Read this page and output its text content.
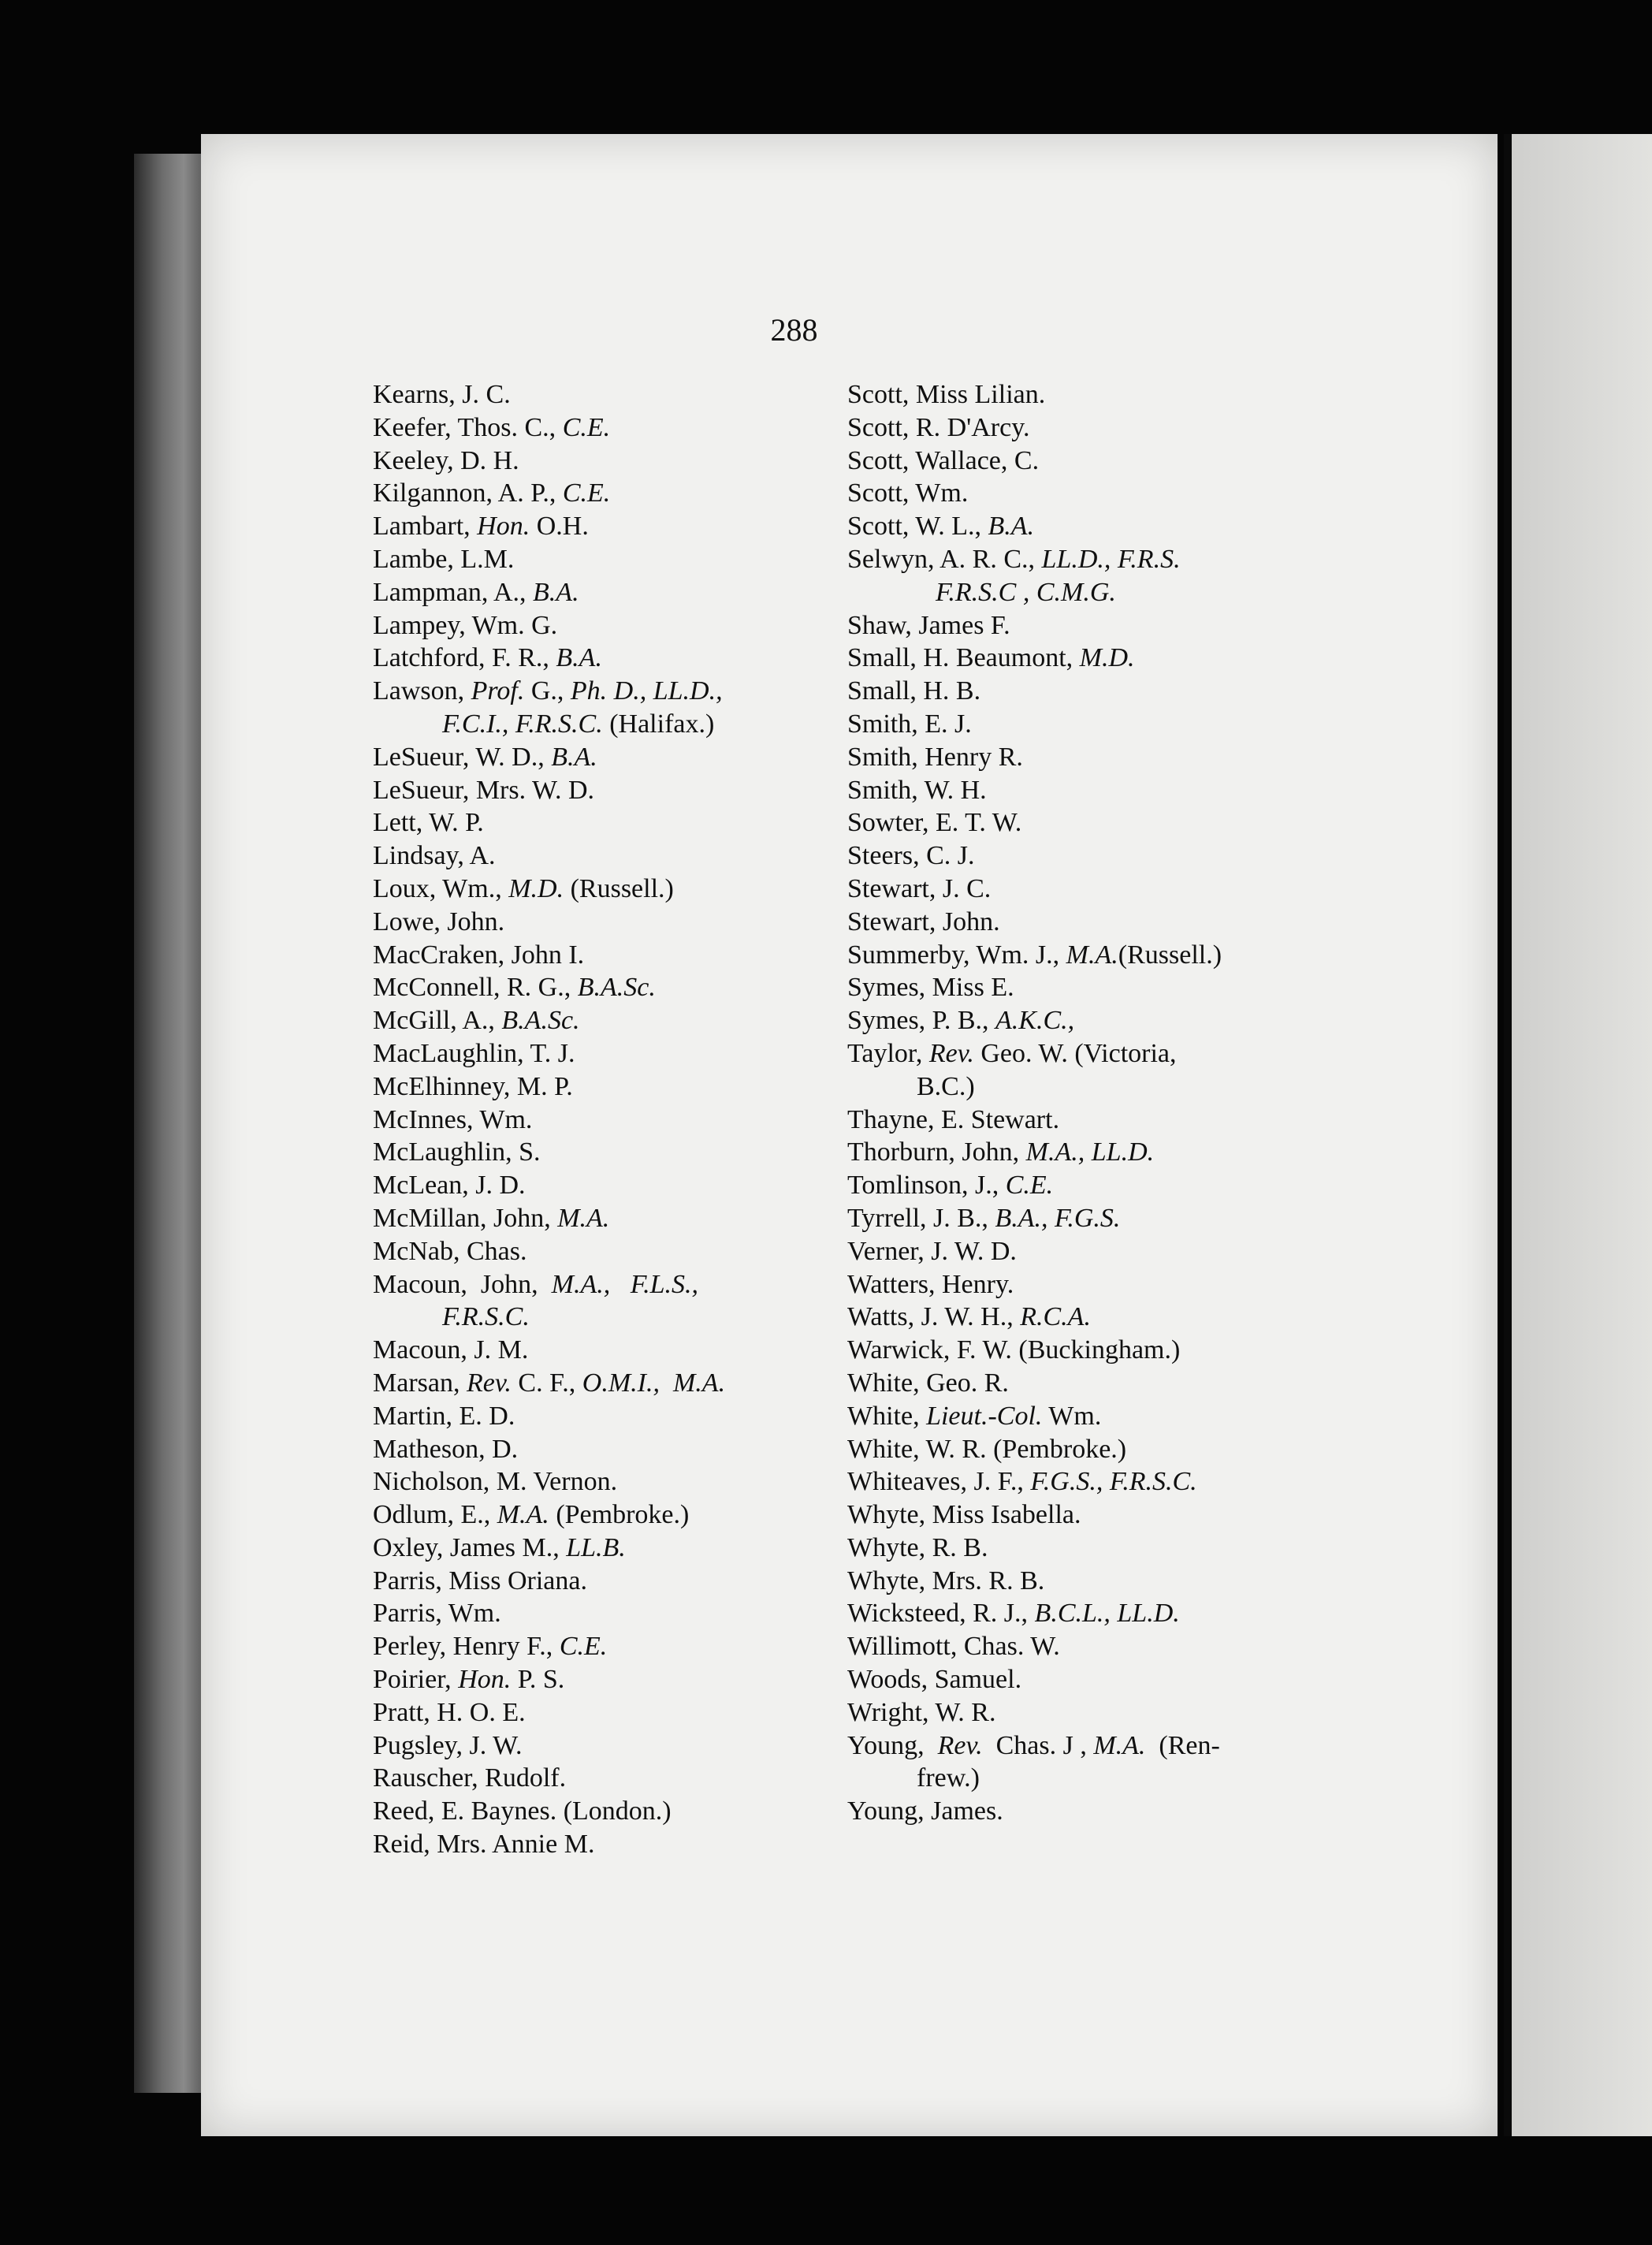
288
Kearns, J. C.
Keefer, Thos. C., C.E.
Keeley, D. H.
Kilgannon, A. P., C.E.
Lambart, Hon. O.H.
Lambe, L.M.
Lampman, A., B.A.
Lampey, Wm. G.
Latchford, F. R., B.A.
Lawson, Prof. G., Ph. D., LL.D.,
F.C.I., F.R.S.C. (Halifax.)
LeSueur, W. D., B.A.
LeSueur, Mrs. W. D.
Lett, W. P.
Lindsay, A.
Loux, Wm., M.D. (Russell.)
Lowe, John.
MacCraken, John I.
McConnell, R. G., B.A.Sc.
McGill, A., B.A.Sc.
MacLaughlin, T. J.
McElhinney, M. P.
McInnes, Wm.
McLaughlin, S.
McLean, J. D.
McMillan, John, M.A.
McNab, Chas.
Macoun,  John,  M.A.,   F.L.S.,
F.R.S.C.
Macoun, J. M.
Marsan, Rev. C. F., O.M.I.,  M.A.
Martin, E. D.
Matheson, D.
Nicholson, M. Vernon.
Odlum, E., M.A. (Pembroke.)
Oxley, James M., LL.B.
Parris, Miss Oriana.
Parris, Wm.
Perley, Henry F., C.E.
Poirier, Hon. P. S.
Pratt, H. O. E.
Pugsley, J. W.
Rauscher, Rudolf.
Reed, E. Baynes. (London.)
Reid, Mrs. Annie M.
Scott, Miss Lilian.
Scott, R. D'Arcy.
Scott, Wallace, C.
Scott, Wm.
Scott, W. L., B.A.
Selwyn, A. R. C., LL.D., F.R.S.
F.R.S.C , C.M.G.
Shaw, James F.
Small, H. Beaumont, M.D.
Small, H. B.
Smith, E. J.
Smith, Henry R.
Smith, W. H.
Sowter, E. T. W.
Steers, C. J.
Stewart, J. C.
Stewart, John.
Summerby, Wm. J., M.A.(Russell.)
Symes, Miss E.
Symes, P. B., A.K.C.,
Taylor, Rev. Geo. W. (Victoria,
B.C.)
Thayne, E. Stewart.
Thorburn, John, M.A., LL.D.
Tomlinson, J., C.E.
Tyrrell, J. B., B.A., F.G.S.
Verner, J. W. D.
Watters, Henry.
Watts, J. W. H., R.C.A.
Warwick, F. W. (Buckingham.)
White, Geo. R.
White, Lieut.-Col. Wm.
White, W. R. (Pembroke.)
Whiteaves, J. F., F.G.S., F.R.S.C.
Whyte, Miss Isabella.
Whyte, R. B.
Whyte, Mrs. R. B.
Wicksteed, R. J., B.C.L., LL.D.
Willimott, Chas. W.
Woods, Samuel.
Wright, W. R.
Young,  Rev.  Chas. J , M.A.  (Ren-
frew.)
Young, James.
